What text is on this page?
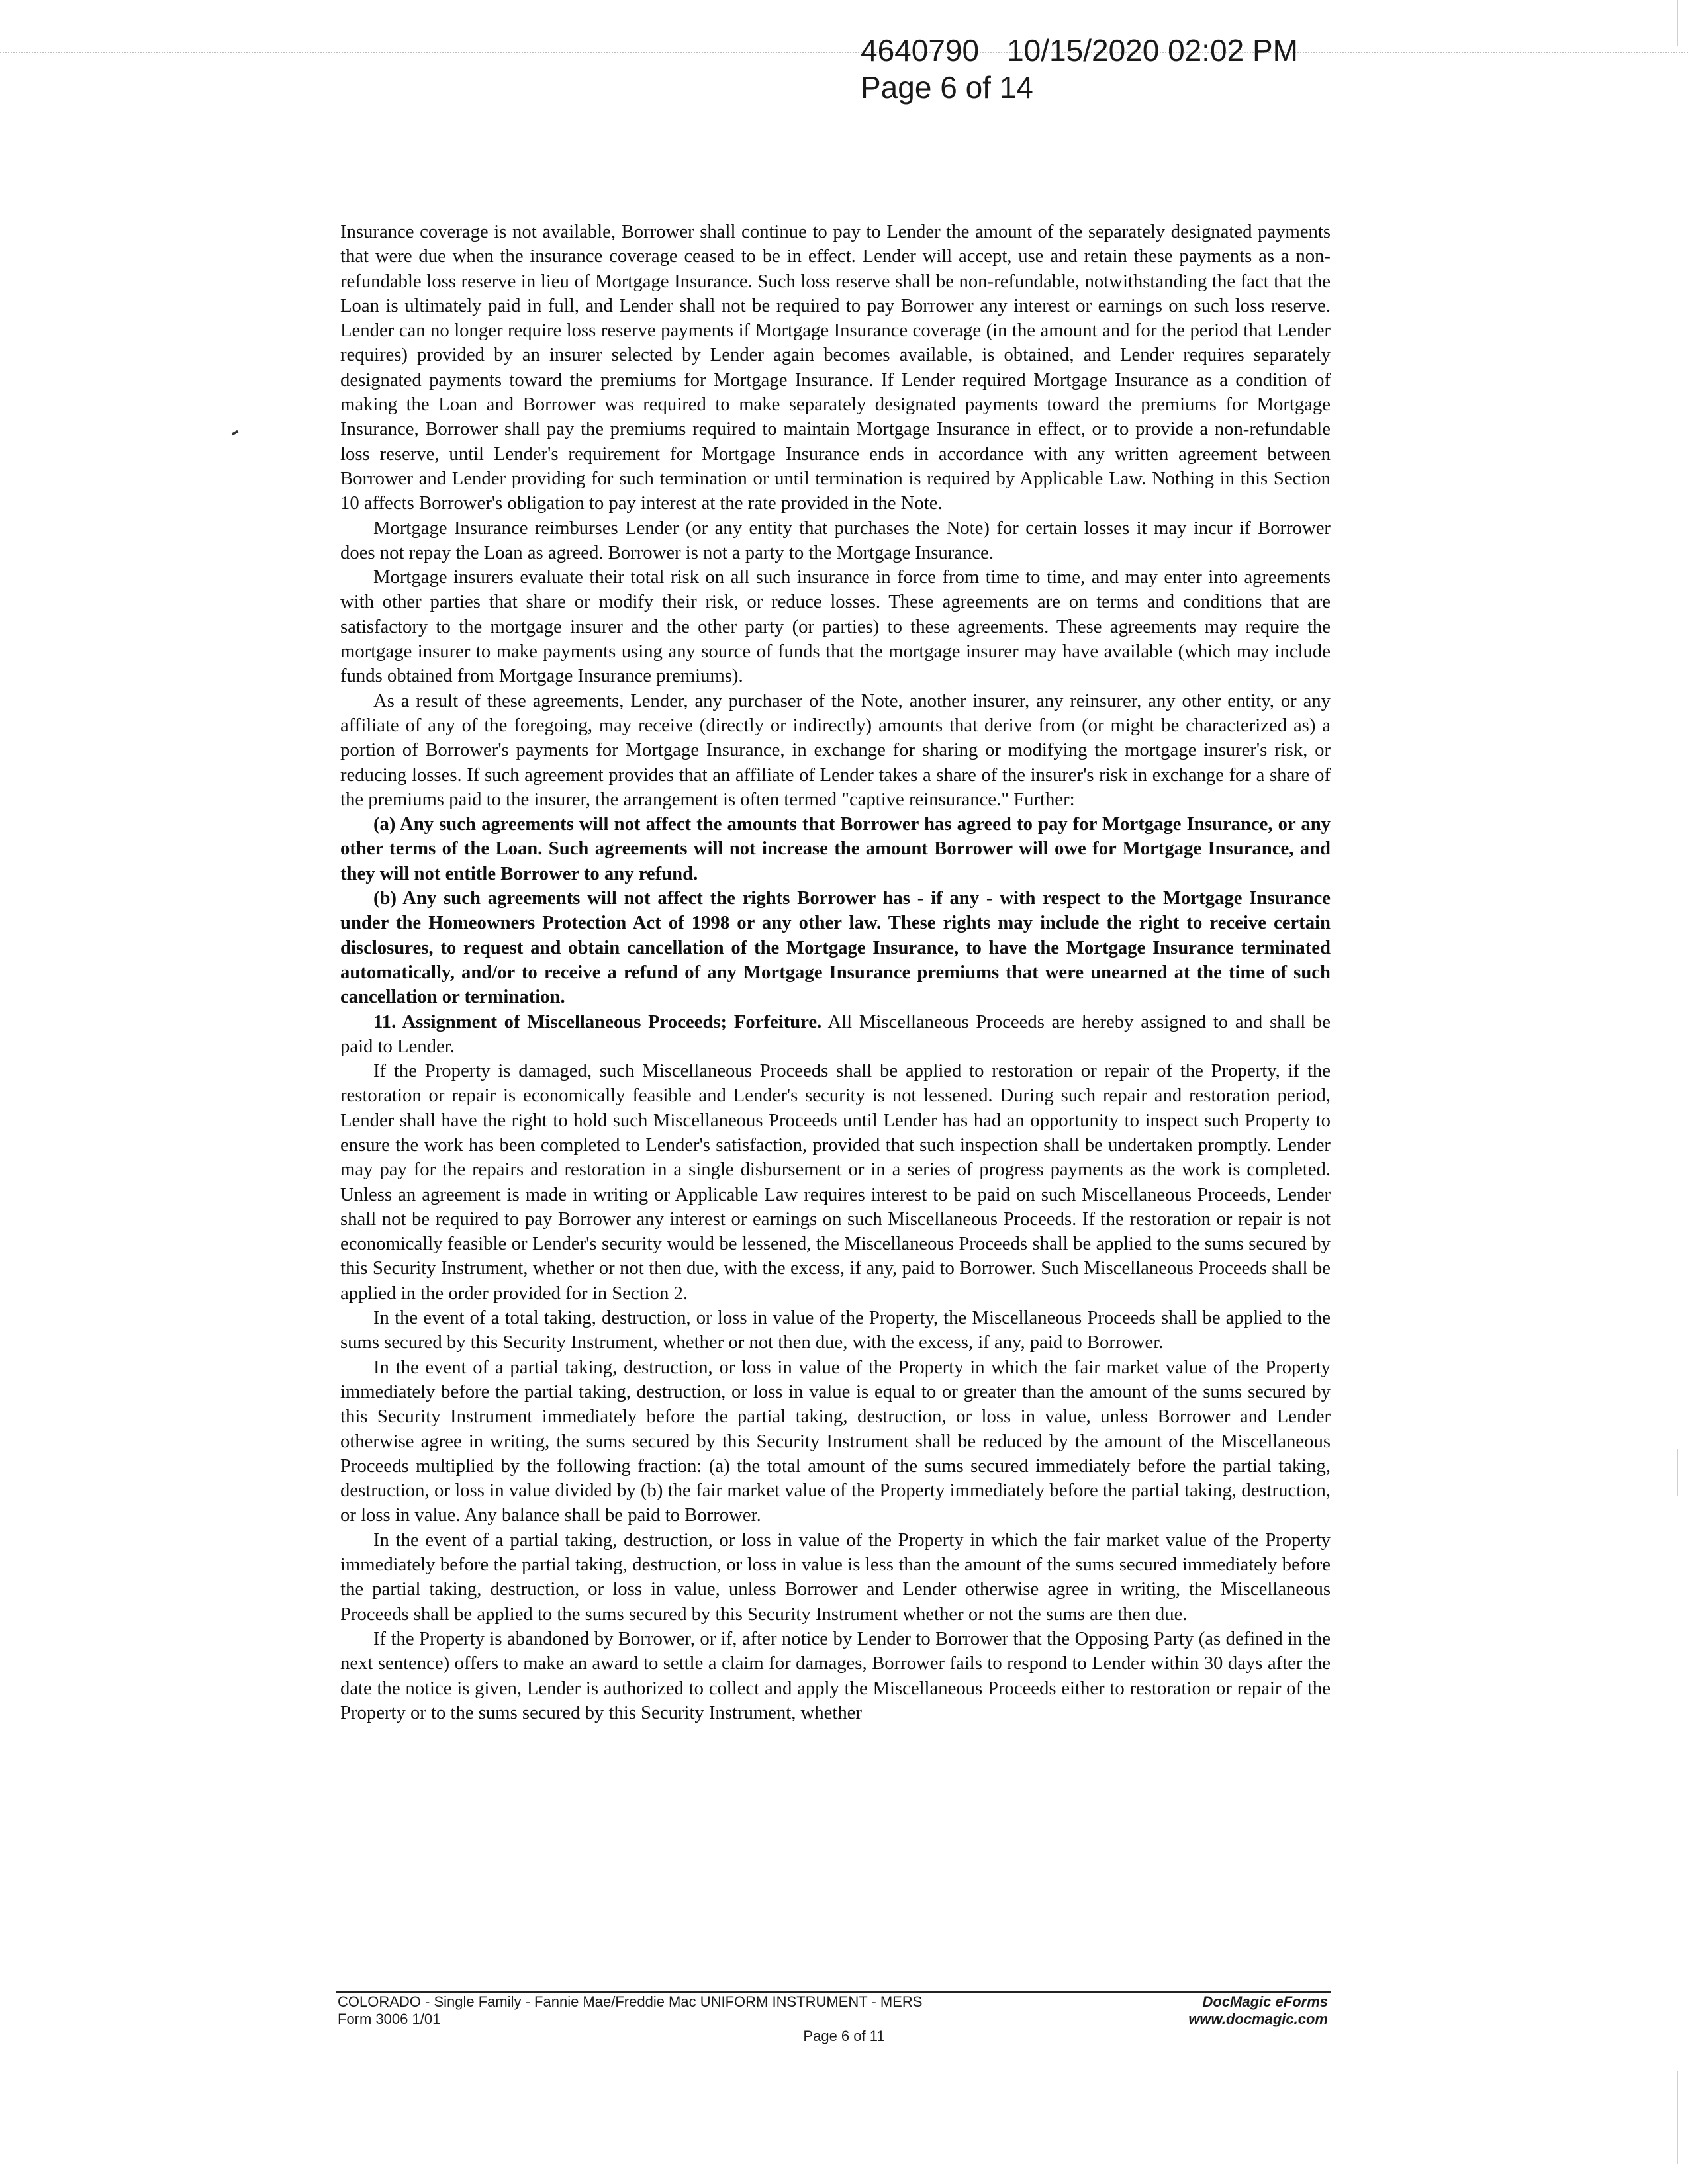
4640790 10/15/2020 02:02 PM
Page 6 of 14

Insurance coverage is not available, Borrower shall continue to pay to Lender the amount of the separately designated payments that were due when the insurance coverage ceased to be in effect. Lender will accept, use and retain these payments as a non-refundable loss reserve in lieu of Mortgage Insurance. Such loss reserve shall be non-refundable, notwithstanding the fact that the Loan is ultimately paid in full, and Lender shall not be required to pay Borrower any interest or earnings on such loss reserve. Lender can no longer require loss reserve payments if Mortgage Insurance coverage (in the amount and for the period that Lender requires) provided by an insurer selected by Lender again becomes available, is obtained, and Lender requires separately designated payments toward the premiums for Mortgage Insurance. If Lender required Mortgage Insurance as a condition of making the Loan and Borrower was required to make separately designated payments toward the premiums for Mortgage Insurance, Borrower shall pay the premiums required to maintain Mortgage Insurance in effect, or to provide a non-refundable loss reserve, until Lender's requirement for Mortgage Insurance ends in accordance with any written agreement between Borrower and Lender providing for such termination or until termination is required by Applicable Law. Nothing in this Section 10 affects Borrower's obligation to pay interest at the rate provided in the Note.

Mortgage Insurance reimburses Lender (or any entity that purchases the Note) for certain losses it may incur if Borrower does not repay the Loan as agreed. Borrower is not a party to the Mortgage Insurance.

Mortgage insurers evaluate their total risk on all such insurance in force from time to time, and may enter into agreements with other parties that share or modify their risk, or reduce losses. These agreements are on terms and conditions that are satisfactory to the mortgage insurer and the other party (or parties) to these agreements. These agreements may require the mortgage insurer to make payments using any source of funds that the mortgage insurer may have available (which may include funds obtained from Mortgage Insurance premiums).

As a result of these agreements, Lender, any purchaser of the Note, another insurer, any reinsurer, any other entity, or any affiliate of any of the foregoing, may receive (directly or indirectly) amounts that derive from (or might be characterized as) a portion of Borrower's payments for Mortgage Insurance, in exchange for sharing or modifying the mortgage insurer's risk, or reducing losses. If such agreement provides that an affiliate of Lender takes a share of the insurer's risk in exchange for a share of the premiums paid to the insurer, the arrangement is often termed "captive reinsurance." Further:

(a) Any such agreements will not affect the amounts that Borrower has agreed to pay for Mortgage Insurance, or any other terms of the Loan. Such agreements will not increase the amount Borrower will owe for Mortgage Insurance, and they will not entitle Borrower to any refund.

(b) Any such agreements will not affect the rights Borrower has - if any - with respect to the Mortgage Insurance under the Homeowners Protection Act of 1998 or any other law. These rights may include the right to receive certain disclosures, to request and obtain cancellation of the Mortgage Insurance, to have the Mortgage Insurance terminated automatically, and/or to receive a refund of any Mortgage Insurance premiums that were unearned at the time of such cancellation or termination.

11. Assignment of Miscellaneous Proceeds; Forfeiture. All Miscellaneous Proceeds are hereby assigned to and shall be paid to Lender.

If the Property is damaged, such Miscellaneous Proceeds shall be applied to restoration or repair of the Property, if the restoration or repair is economically feasible and Lender's security is not lessened. During such repair and restoration period, Lender shall have the right to hold such Miscellaneous Proceeds until Lender has had an opportunity to inspect such Property to ensure the work has been completed to Lender's satisfaction, provided that such inspection shall be undertaken promptly. Lender may pay for the repairs and restoration in a single disbursement or in a series of progress payments as the work is completed. Unless an agreement is made in writing or Applicable Law requires interest to be paid on such Miscellaneous Proceeds, Lender shall not be required to pay Borrower any interest or earnings on such Miscellaneous Proceeds. If the restoration or repair is not economically feasible or Lender's security would be lessened, the Miscellaneous Proceeds shall be applied to the sums secured by this Security Instrument, whether or not then due, with the excess, if any, paid to Borrower. Such Miscellaneous Proceeds shall be applied in the order provided for in Section 2.

In the event of a total taking, destruction, or loss in value of the Property, the Miscellaneous Proceeds shall be applied to the sums secured by this Security Instrument, whether or not then due, with the excess, if any, paid to Borrower.

In the event of a partial taking, destruction, or loss in value of the Property in which the fair market value of the Property immediately before the partial taking, destruction, or loss in value is equal to or greater than the amount of the sums secured by this Security Instrument immediately before the partial taking, destruction, or loss in value, unless Borrower and Lender otherwise agree in writing, the sums secured by this Security Instrument shall be reduced by the amount of the Miscellaneous Proceeds multiplied by the following fraction: (a) the total amount of the sums secured immediately before the partial taking, destruction, or loss in value divided by (b) the fair market value of the Property immediately before the partial taking, destruction, or loss in value. Any balance shall be paid to Borrower.

In the event of a partial taking, destruction, or loss in value of the Property in which the fair market value of the Property immediately before the partial taking, destruction, or loss in value is less than the amount of the sums secured immediately before the partial taking, destruction, or loss in value, unless Borrower and Lender otherwise agree in writing, the Miscellaneous Proceeds shall be applied to the sums secured by this Security Instrument whether or not the sums are then due.

If the Property is abandoned by Borrower, or if, after notice by Lender to Borrower that the Opposing Party (as defined in the next sentence) offers to make an award to settle a claim for damages, Borrower fails to respond to Lender within 30 days after the date the notice is given, Lender is authorized to collect and apply the Miscellaneous Proceeds either to restoration or repair of the Property or to the sums secured by this Security Instrument, whether

COLORADO - Single Family - Fannie Mae/Freddie Mac UNIFORM INSTRUMENT - MERS
Form 3006 1/01
DocMagic eForms
www.docmagic.com
Page 6 of 11
